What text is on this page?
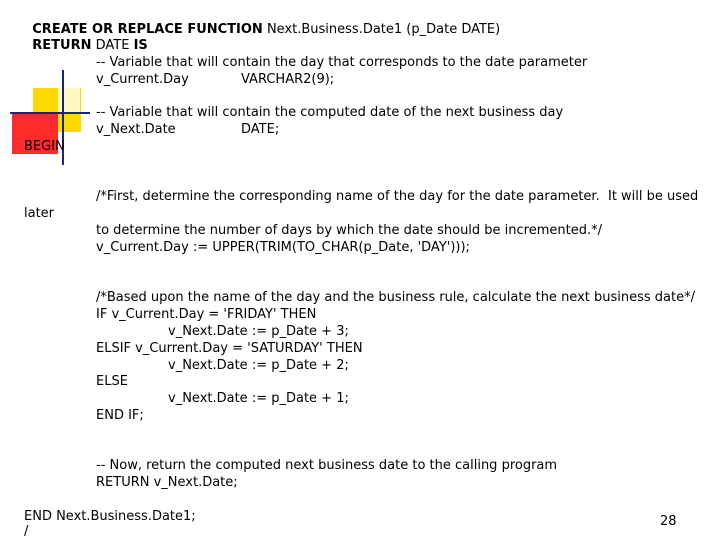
CREATE OR REPLACE FUNCTION Next.Business.Date1 (p_Date DATE)

RETURN DATE IS

-- Variable that will contain the day that corresponds to the date parameter
v_Current.Day	VARCHAR2(9);
-- Variable that will contain the computed date of the next business day
v_Next.Date	DATE;
BEGIN
later
/*First, determine the corresponding name of the day for the date parameter.  It will be used
to determine the number of days by which the date should be incremented.*/
v_Current.Day := UPPER(TRIM(TO_CHAR(p_Date, 'DAY')));
/*Based upon the name of the day and the business rule, calculate the next business date*/
IF v_Current.Day = 'FRIDAY' THEN
v_Next.Date := p_Date + 3;
ELSIF v_Current.Day = 'SATURDAY' THEN
v_Next.Date := p_Date + 2;
ELSE
v_Next.Date := p_Date + 1;
END IF;
-- Now, return the computed next business date to the calling program
RETURN v_Next.Date;
END Next.Business.Date1;
/
28
